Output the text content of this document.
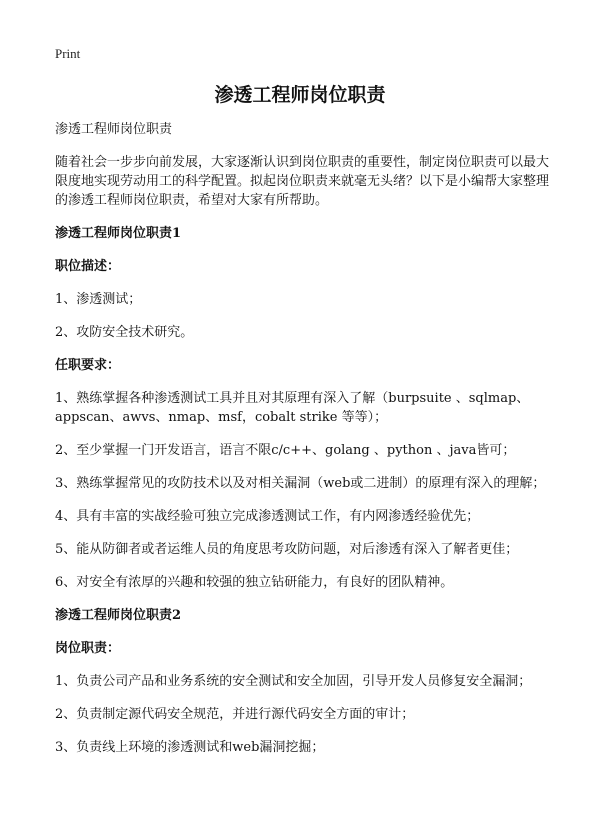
Print
渗透工程师岗位职责

渗透工程师岗位职责

随着社会一步步向前发展，大家逐渐认识到岗位职责的重要性，制定岗位职责可以最大限度地实现劳动用工的科学配置。拟起岗位职责来就毫无头绪？以下是小编帮大家整理的渗透工程师岗位职责，希望对大家有所帮助。

渗透工程师岗位职责1

职位描述：

1、渗透测试；

2、攻防安全技术研究。

任职要求：

1、熟练掌握各种渗透测试工具并且对其原理有深入了解（burpsuite 、sqlmap、appscan、awvs、nmap、msf，cobalt strike 等等）；

2、至少掌握一门开发语言，语言不限c/c++、golang 、python 、java皆可；

3、熟练掌握常见的攻防技术以及对相关漏洞（web或二进制）的原理有深入的理解；

4、具有丰富的实战经验可独立完成渗透测试工作，有内网渗透经验优先；

5、能从防御者或者运维人员的角度思考攻防问题，对后渗透有深入了解者更佳；

6、对安全有浓厚的兴趣和较强的独立钻研能力，有良好的团队精神。

渗透工程师岗位职责2

岗位职责：

1、负责公司产品和业务系统的安全测试和安全加固，引导开发人员修复安全漏洞；

2、负责制定源代码安全规范，并进行源代码安全方面的审计；

3、负责线上环境的渗透测试和web漏洞挖掘；
